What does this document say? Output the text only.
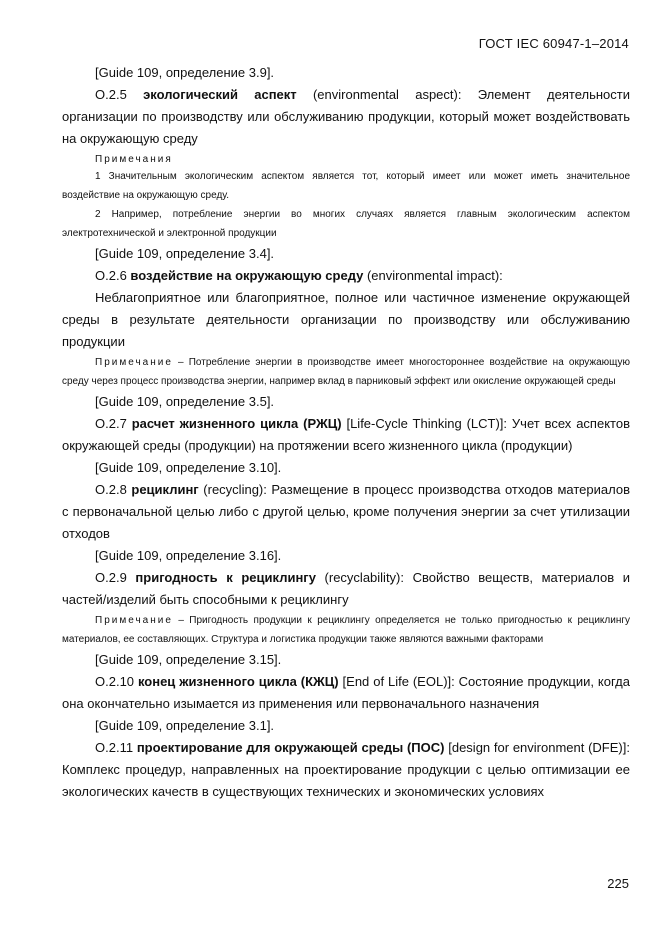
ГОСТ IEC 60947-1–2014

[Guide 109, определение 3.9].

O.2.5 экологический аспект (environmental aspect): Элемент деятельности организации по производству или обслуживанию продукции, который может воздействовать на окружающую среду

Примечания

1 Значительным экологическим аспектом является тот, который имеет или может иметь значительное воздействие на окружающую среду.

2 Например, потребление энергии во многих случаях является главным экологическим аспектом электротехнической и электронной продукции

[Guide 109, определение 3.4].

O.2.6 воздействие на окружающую среду (environmental impact):

Неблагоприятное или благоприятное, полное или частичное изменение окружающей среды в результате деятельности организации по производству или обслуживанию продукции

Примечание – Потребление энергии в производстве имеет многостороннее воздействие на окружающую среду через процесс производства энергии, например вклад в парниковый эффект или окисление окружающей среды

[Guide 109, определение 3.5].

O.2.7 расчет жизненного цикла (РЖЦ) [Life-Cycle Thinking (LCT)]: Учет всех аспектов окружающей среды (продукции) на протяжении всего жизненного цикла (продукции)

[Guide 109, определение 3.10].

O.2.8 рециклинг (recycling): Размещение в процесс производства отходов материалов с первоначальной целью либо с другой целью, кроме получения энергии за счет утилизации отходов

[Guide 109, определение 3.16].

O.2.9 пригодность к рециклингу (recyclability): Свойство веществ, материалов и частей/изделий быть способными к рециклингу

Примечание – Пригодность продукции к рециклингу определяется не только пригодностью к рециклингу материалов, ее составляющих. Структура и логистика продукции также являются важными факторами

[Guide 109, определение 3.15].

O.2.10 конец жизненного цикла (КЖЦ) [End of Life (EOL)]: Состояние продукции, когда она окончательно изымается из применения или первоначального назначения

[Guide 109, определение 3.1].

O.2.11 проектирование для окружающей среды (ПОС) [design for environment (DFE)]: Комплекс процедур, направленных на проектирование продукции с целью оптимизации ее экологических качеств в существующих технических и экономических условиях

225
